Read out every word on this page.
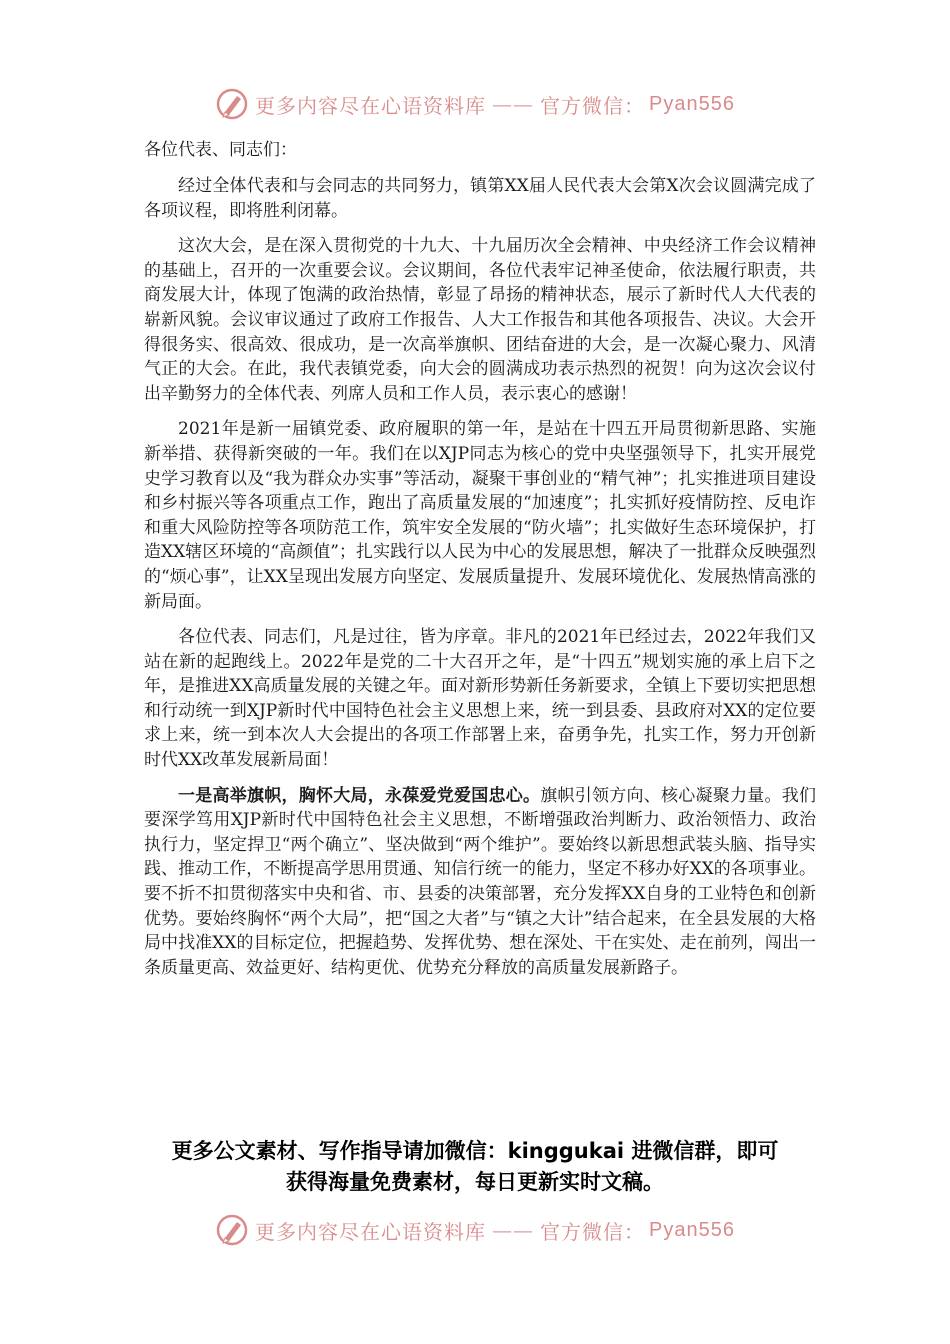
更多内容尽在心语资料库 —— 官方微信： Pyan556

各位代表、同志们：

经过全体代表和与会同志的共同努力，镇第XX届人民代表大会第X次会议圆满完成了各项议程，即将胜利闭幕。

这次大会，是在深入贯彻党的十九大、十九届历次全会精神、中央经济工作会议精神的基础上，召开的一次重要会议。会议期间，各位代表牢记神圣使命，依法履行职责，共商发展大计，体现了饱满的政治热情，彰显了昂扬的精神状态，展示了新时代人大代表的崭新风貌。会议审议通过了政府工作报告、人大工作报告和其他各项报告、决议。大会开得很务实、很高效、很成功，是一次高举旗帜、团结奋进的大会，是一次凝心聚力、风清气正的大会。在此，我代表镇党委，向大会的圆满成功表示热烈的祝贺！向为这次会议付出辛勤努力的全体代表、列席人员和工作人员，表示衷心的感谢！

2021年是新一届镇党委、政府履职的第一年，是站在十四五开局贯彻新思路、实施新举措、获得新突破的一年。我们在以XJP同志为核心的党中央坚强领导下，扎实开展党史学习教育以及“我为群众办实事”等活动，凝聚干事创业的“精气神”；扎实推进项目建设和乡村振兴等各项重点工作，跑出了高质量发展的“加速度”；扎实抓好疫情防控、反电诈和重大风险防控等各项防范工作，筑牢安全发展的“防火墙”；扎实做好生态环境保护，打造XX辖区环境的“高颜值”；扎实践行以人民为中心的发展思想，解决了一批群众反映强烈的“烦心事”，让XX呈现出发展方向坚定、发展质量提升、发展环境优化、发展热情高涨的新局面。

各位代表、同志们，凡是过往，皆为序章。非凡的2021年已经过去，2022年我们又站在新的起跑线上。2022年是党的二十大召开之年，是“十四五”规划实施的承上启下之年，是推进XX高质量发展的关键之年。面对新形势新任务新要求，全镇上下要切实把思想和行动统一到XJP新时代中国特色社会主义思想上来，统一到县委、县政府对XX的定位要求上来，统一到本次人大会提出的各项工作部署上来，奋勇争先，扎实工作，努力开创新时代XX改革发展新局面！

一是高举旗帜，胸怀大局，永葆爱党爱国忠心。旗帜引领方向、核心凝聚力量。我们要深学笃用XJP新时代中国特色社会主义思想，不断增强政治判断力、政治领悟力、政治执行力，坚定捍卫“两个确立”、坚决做到“两个维护”。要始终以新思想武装头脑、指导实践、推动工作，不断提高学思用贯通、知信行统一的能力，坚定不移办好XX的各项事业。要不折不扣贯彻落实中央和省、市、县委的决策部署，充分发挥XX自身的工业特色和创新优势。要始终胸怀“两个大局”，把“国之大者”与“镇之大计”结合起来，在全县发展的大格局中找准XX的目标定位，把握趋势、发挥优势、想在深处、干在实处、走在前列，闯出一条质量更高、效益更好、结构更优、优势充分释放的高质量发展新路子。

更多公文素材、写作指导请加微信：kinggukai 进微信群，即可
获得海量免费素材，每日更新实时文稿。
更多内容尽在心语资料库 —— 官方微信： Pyan556
